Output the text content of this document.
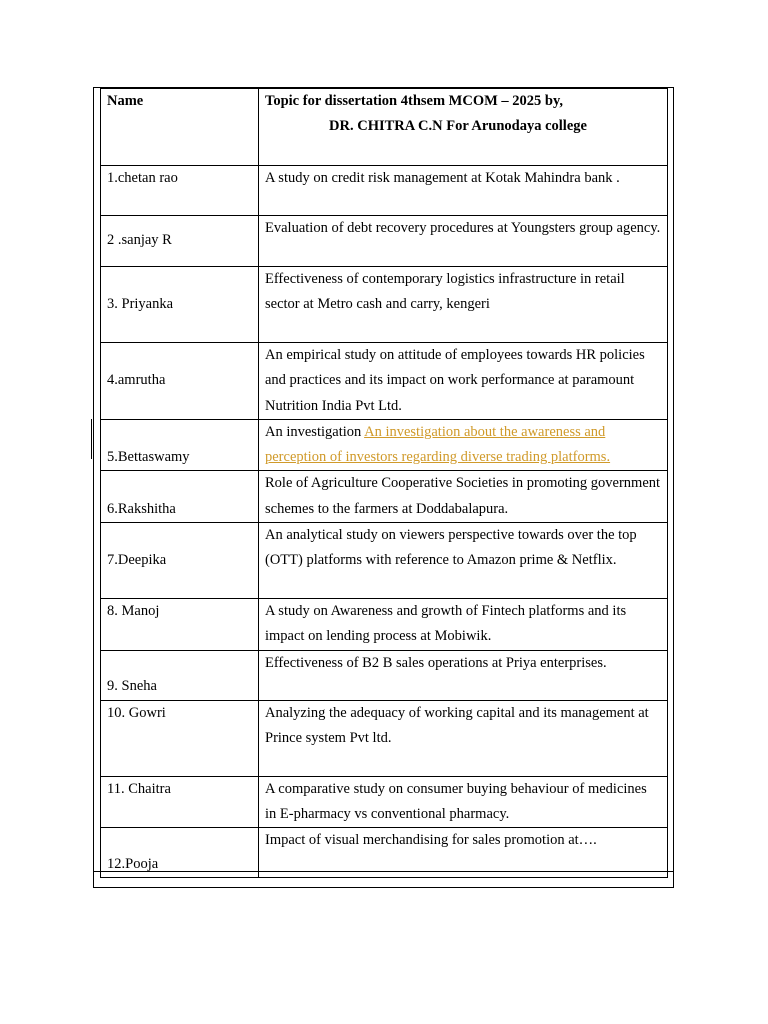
Name	Topic for dissertation 4thsem MCOM – 2025 by,
DR. CHITRA C.N For Arunodaya college

1.chetan rao	A study on credit risk management at Kotak Mahindra bank .
2 .sanjay R	Evaluation of debt recovery procedures at Youngsters group agency.
3. Priyanka	Effectiveness of contemporary logistics infrastructure in retail sector at Metro cash and carry, kengeri
4.amrutha	An empirical study on attitude of employees towards HR policies and practices and its impact on work performance at paramount Nutrition India Pvt Ltd.
5.Bettaswamy	An investigation An investigation about the awareness and perception of investors regarding diverse trading platforms.
6.Rakshitha	Role of Agriculture Cooperative Societies in promoting government schemes to the farmers at Doddabalapura.
7.Deepika	An analytical study on viewers perspective towards over the top (OTT) platforms with reference to Amazon prime & Netflix.
8. Manoj	A study on Awareness and growth of Fintech platforms and its impact on lending process at Mobiwik.
9. Sneha	Effectiveness of B2 B sales operations at Priya enterprises.
10. Gowri	Analyzing the adequacy of working capital and its management at Prince system Pvt ltd.
11. Chaitra	A comparative study on consumer buying behaviour of medicines in E-pharmacy vs conventional pharmacy.
12.Pooja	Impact of visual merchandising for sales promotion at….
